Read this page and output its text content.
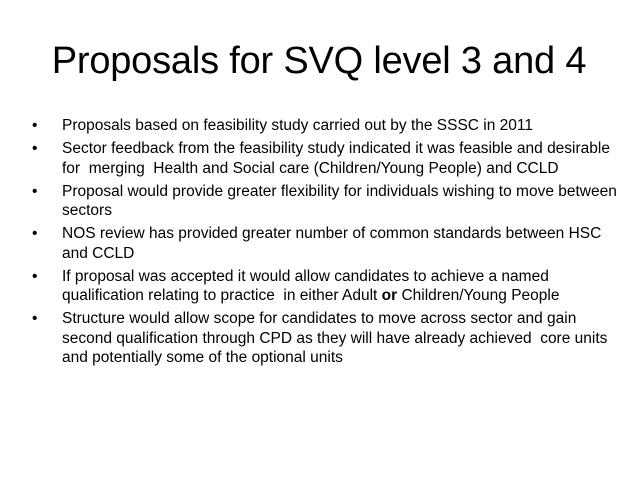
Proposals for SVQ level 3 and 4
• Proposals based on feasibility study carried out by the SSSC in 2011
• Sector feedback from the feasibility study indicated it was feasible and desirable for  merging  Health and Social care (Children/Young People) and CCLD
• Proposal would provide greater flexibility for individuals wishing to move between sectors
• NOS review has provided greater number of common standards between HSC and CCLD
• If proposal was accepted it would allow candidates to achieve a named qualification relating to practice  in either Adult or Children/Young People
• Structure would allow scope for candidates to move across sector and gain second qualification through CPD as they will have already achieved  core units and potentially some of the optional units
